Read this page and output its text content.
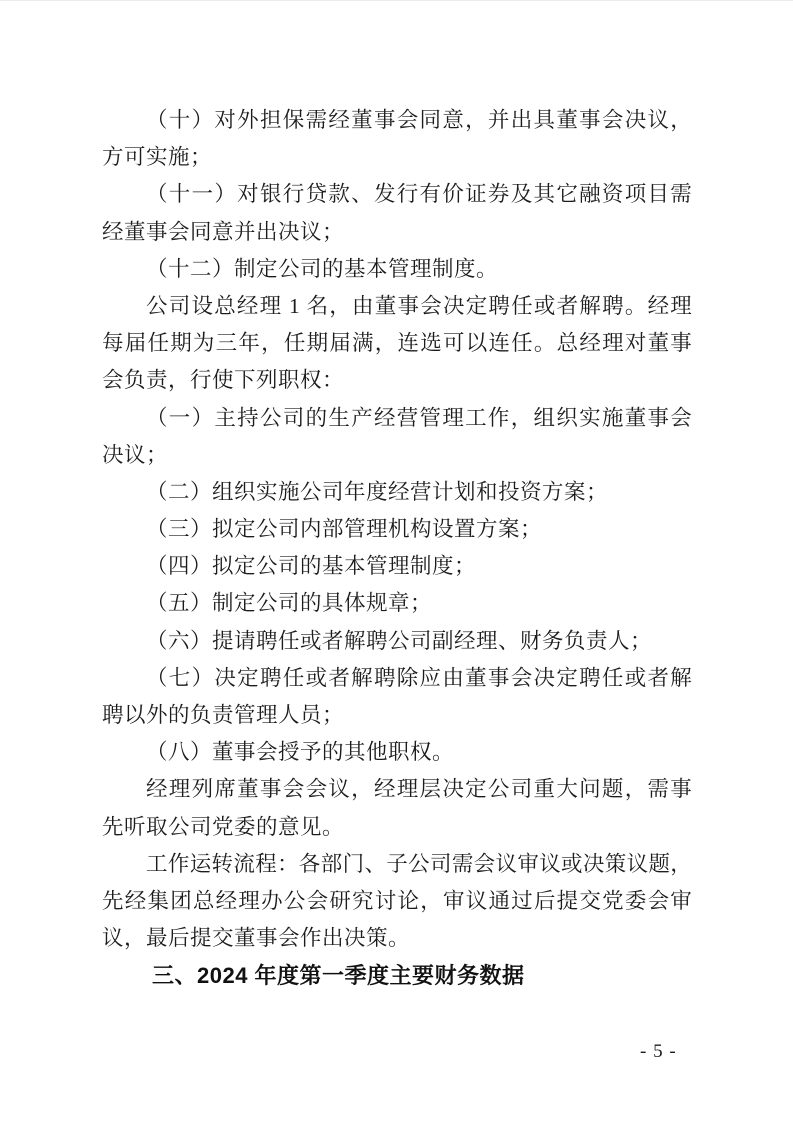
（十）对外担保需经董事会同意，并出具董事会决议，
方可实施；
（十一）对银行贷款、发行有价证券及其它融资项目需
经董事会同意并出决议；
（十二）制定公司的基本管理制度。
公司设总经理 1 名，由董事会决定聘任或者解聘。经理
每届任期为三年，任期届满，连选可以连任。总经理对董事
会负责，行使下列职权：
（一）主持公司的生产经营管理工作，组织实施董事会
决议；
（二）组织实施公司年度经营计划和投资方案；
（三）拟定公司内部管理机构设置方案；
（四）拟定公司的基本管理制度；
（五）制定公司的具体规章；
（六）提请聘任或者解聘公司副经理、财务负责人；
（七）决定聘任或者解聘除应由董事会决定聘任或者解
聘以外的负责管理人员；
（八）董事会授予的其他职权。
经理列席董事会会议，经理层决定公司重大问题，需事
先听取公司党委的意见。
工作运转流程：各部门、子公司需会议审议或决策议题，
先经集团总经理办公会研究讨论，审议通过后提交党委会审
议，最后提交董事会作出决策。
三、2024 年度第一季度主要财务数据
- 5 -
